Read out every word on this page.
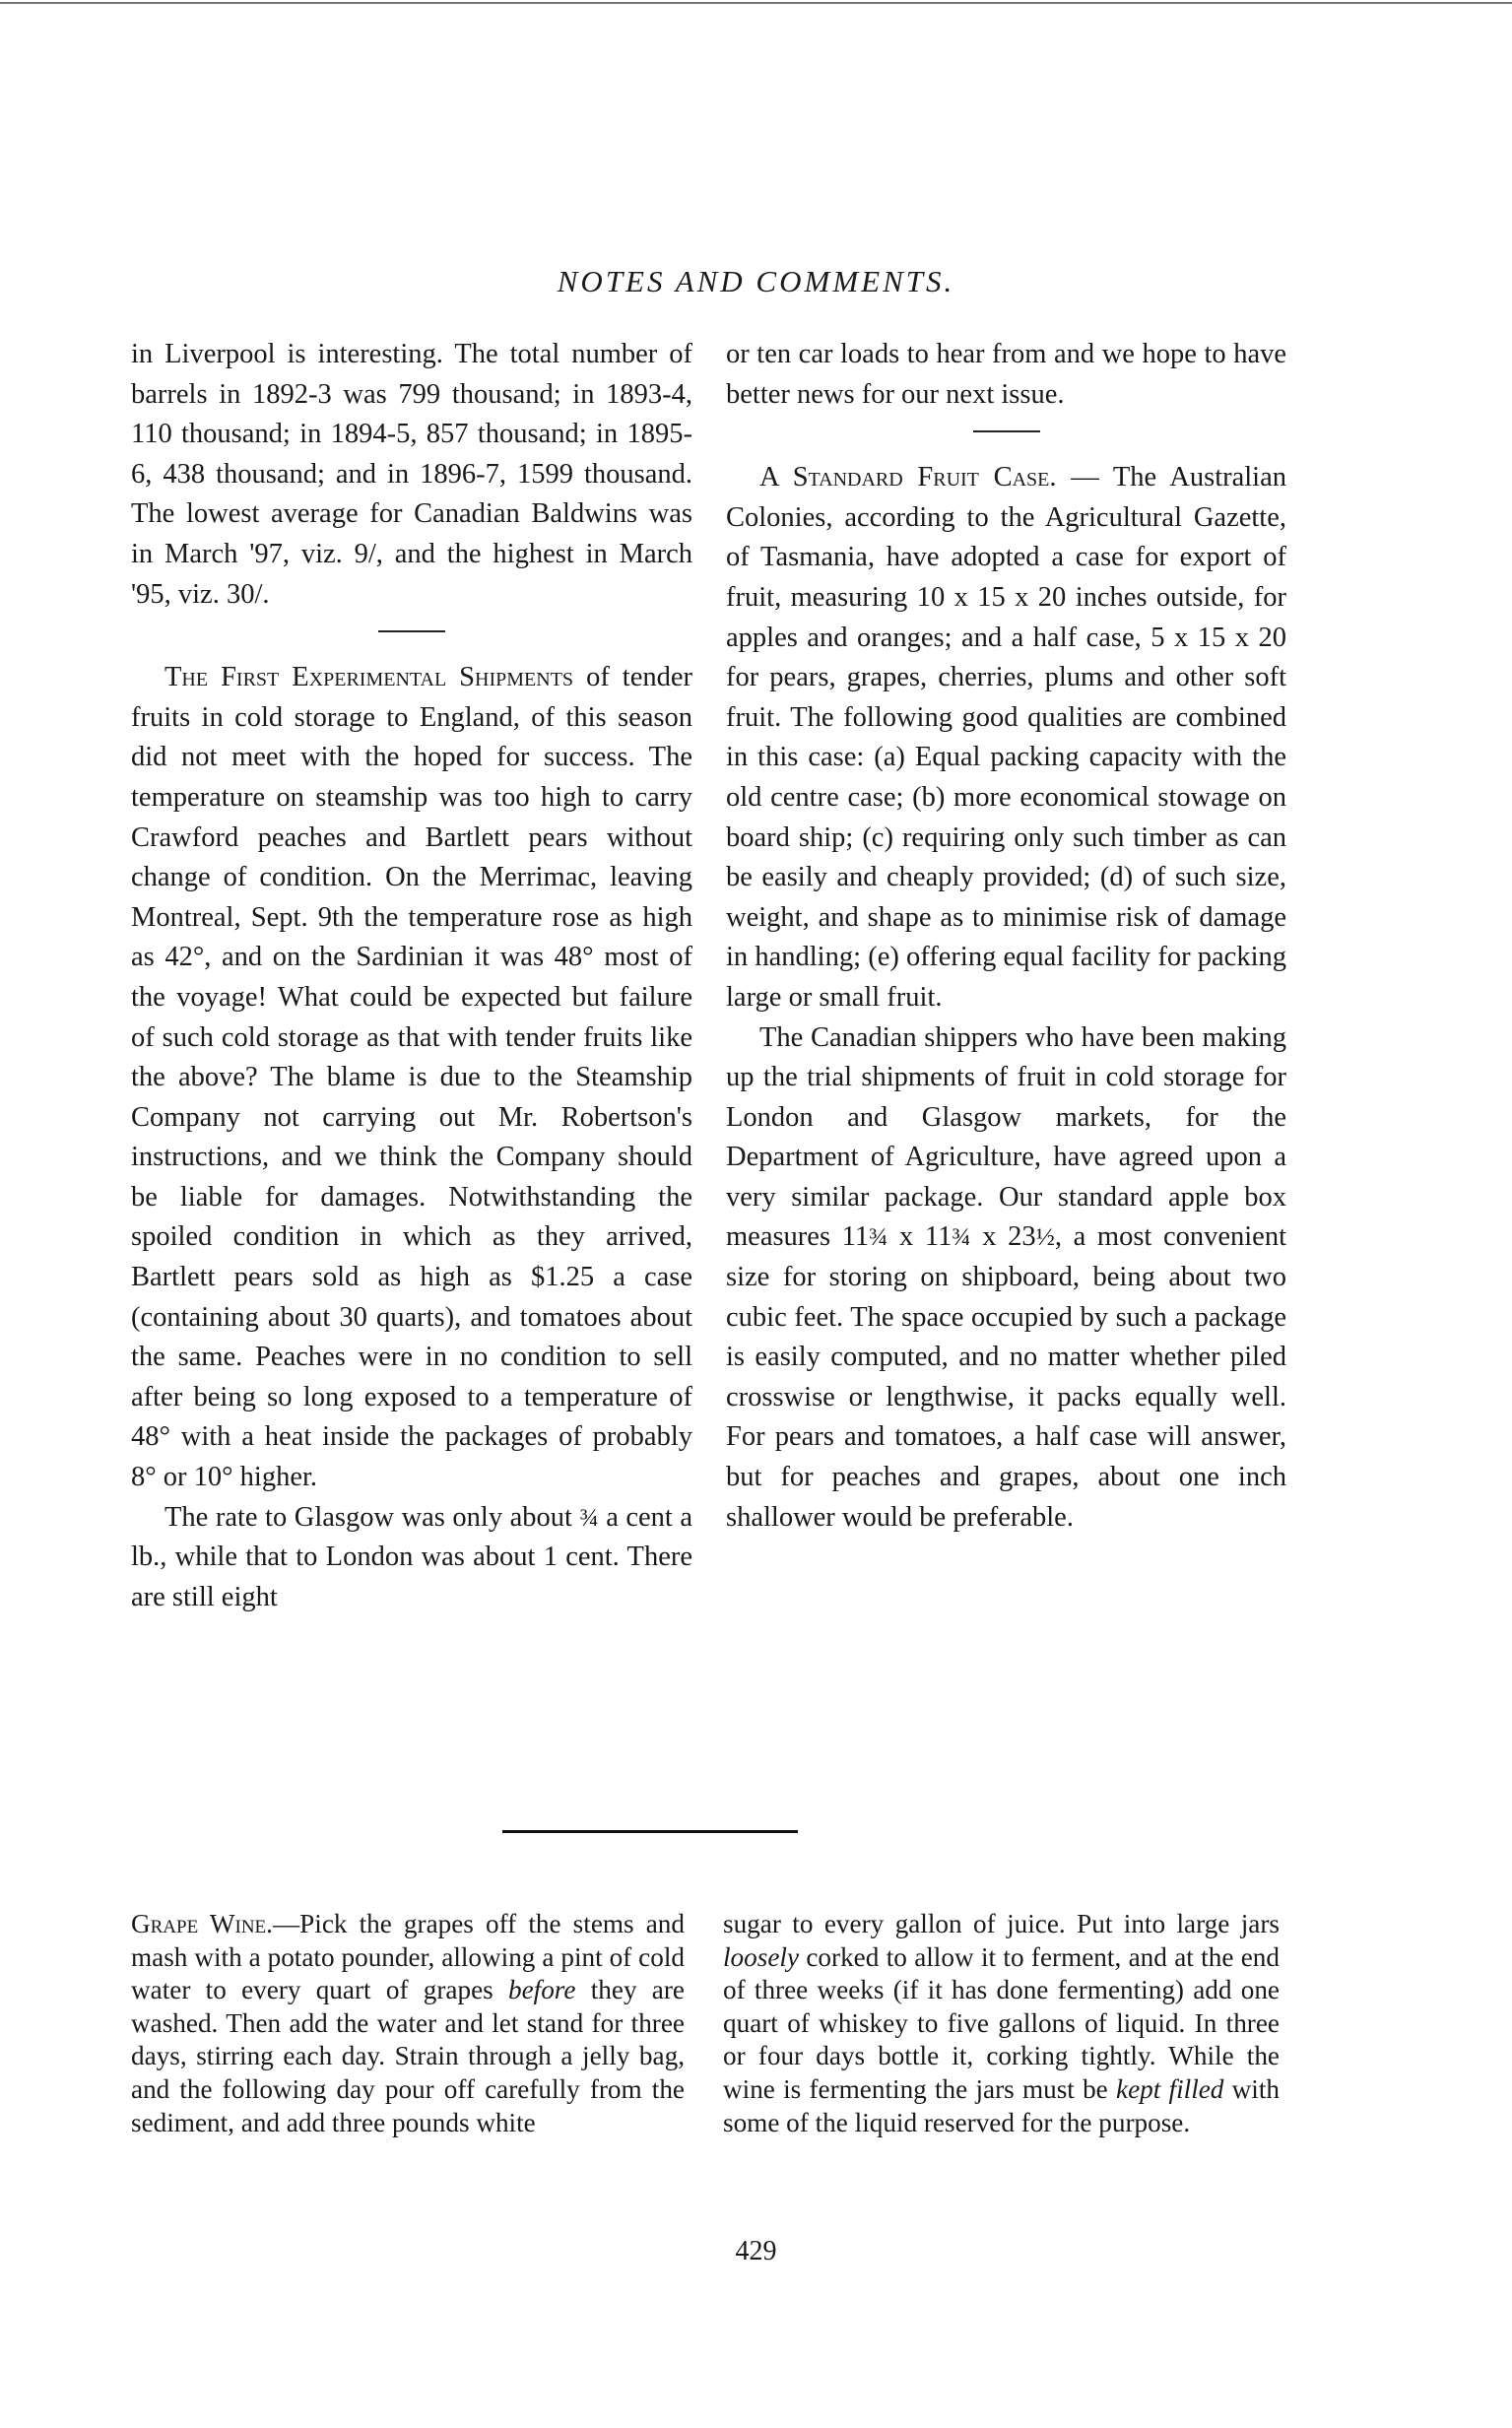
NOTES AND COMMENTS.

in Liverpool is interesting. The total number of barrels in 1892-3 was 799 thousand; in 1893-4, 110 thousand; in 1894-5, 857 thousand; in 1895-6, 438 thousand; and in 1896-7, 1599 thousand. The lowest average for Canadian Baldwins was in March '97, viz. 9/, and the highest in March '95, viz. 30/.

The First Experimental Shipments of tender fruits in cold storage to England, of this season did not meet with the hoped for success. The temperature on steamship was too high to carry Crawford peaches and Bartlett pears without change of condition. On the Merrimac, leaving Montreal, Sept. 9th the temperature rose as high as 42°, and on the Sardinian it was 48° most of the voyage! What could be expected but failure of such cold storage as that with tender fruits like the above? The blame is due to the Steamship Company not carrying out Mr. Robertson's instructions, and we think the Company should be liable for damages. Notwithstanding the spoiled condition in which as they arrived, Bartlett pears sold as high as $1.25 a case (containing about 30 quarts), and tomatoes about the same. Peaches were in no condition to sell after being so long exposed to a temperature of 48° with a heat inside the packages of probably 8° or 10° higher.

The rate to Glasgow was only about ¾ a cent a lb., while that to London was about 1 cent. There are still eight

or ten car loads to hear from and we hope to have better news for our next issue.

A Standard Fruit Case. — The Australian Colonies, according to the Agricultural Gazette, of Tasmania, have adopted a case for export of fruit, measuring 10 x 15 x 20 inches outside, for apples and oranges; and a half case, 5 x 15 x 20 for pears, grapes, cherries, plums and other soft fruit. The following good qualities are combined in this case: (a) Equal packing capacity with the old centre case; (b) more economical stowage on board ship; (c) requiring only such timber as can be easily and cheaply provided; (d) of such size, weight, and shape as to minimise risk of damage in handling; (e) offering equal facility for packing large or small fruit.

The Canadian shippers who have been making up the trial shipments of fruit in cold storage for London and Glasgow markets, for the Department of Agriculture, have agreed upon a very similar package. Our standard apple box measures 11¾ x 11¾ x 23½, a most convenient size for storing on shipboard, being about two cubic feet. The space occupied by such a package is easily computed, and no matter whether piled crosswise or lengthwise, it packs equally well. For pears and tomatoes, a half case will answer, but for peaches and grapes, about one inch shallower would be preferable.

Grape Wine.—Pick the grapes off the stems and mash with a potato pounder, allowing a pint of cold water to every quart of grapes before they are washed. Then add the water and let stand for three days, stirring each day. Strain through a jelly bag, and the following day pour off carefully from the sediment, and add three pounds white

sugar to every gallon of juice. Put into large jars loosely corked to allow it to ferment, and at the end of three weeks (if it has done fermenting) add one quart of whiskey to five gallons of liquid. In three or four days bottle it, corking tightly. While the wine is fermenting the jars must be kept filled with some of the liquid reserved for the purpose.

429
